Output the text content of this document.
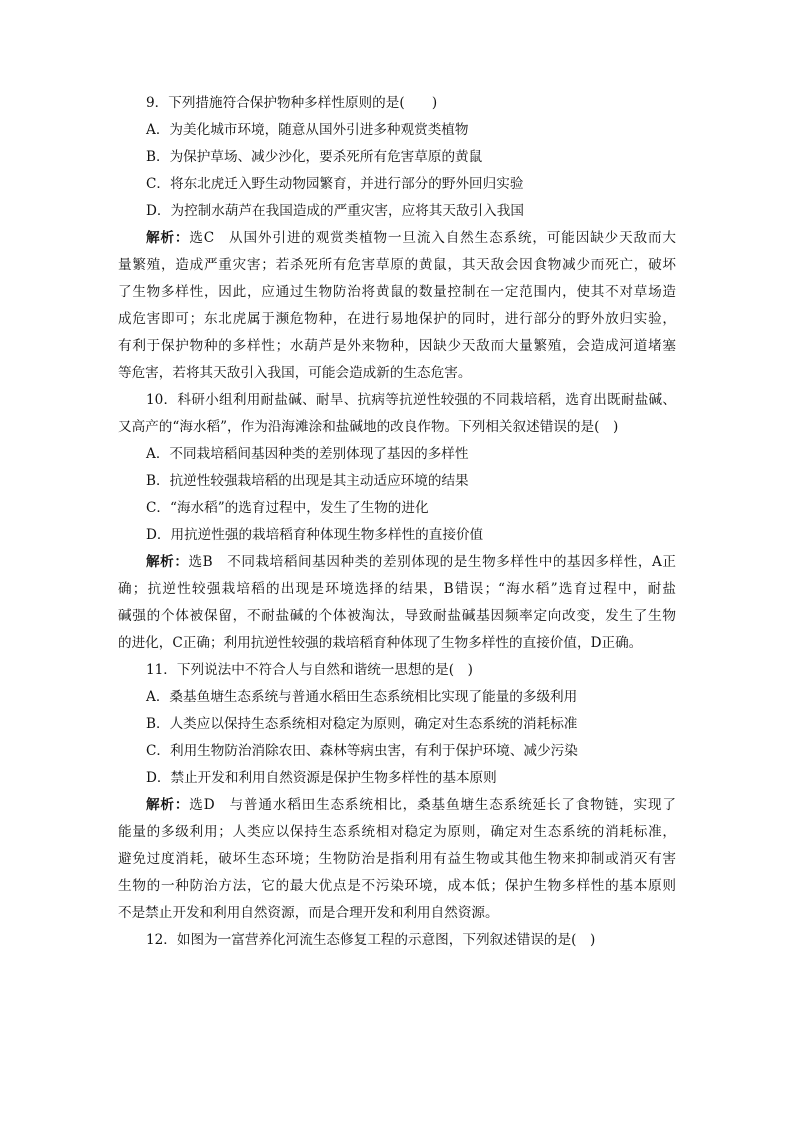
9．下列措施符合保护物种多样性原则的是(　　)

A．为美化城市环境，随意从国外引进多种观赏类植物

B．为保护草场、减少沙化，要杀死所有危害草原的黄鼠

C．将东北虎迁入野生动物园繁育，并进行部分的野外回归实验

D．为控制水葫芦在我国造成的严重灾害，应将其天敌引入我国

解析：选C 从国外引进的观赏类植物一旦流入自然生态系统，可能因缺少天敌而大

量繁殖，造成严重灾害；若杀死所有危害草原的黄鼠，其天敌会因食物减少而死亡，破坏

了生物多样性，因此，应通过生物防治将黄鼠的数量控制在一定范围内，使其不对草场造

成危害即可；东北虎属于濒危物种，在进行易地保护的同时，进行部分的野外放归实验，

有利于保护物种的多样性；水葫芦是外来物种，因缺少天敌而大量繁殖，会造成河道堵塞

等危害，若将其天敌引入我国，可能会造成新的生态危害。

10．科研小组利用耐盐碱、耐旱、抗病等抗逆性较强的不同栽培稻，选育出既耐盐碱、

又高产的“海水稻”，作为沿海滩涂和盐碱地的改良作物。下列相关叙述错误的是(　)

A．不同栽培稻间基因种类的差别体现了基因的多样性

B．抗逆性较强栽培稻的出现是其主动适应环境的结果

C．“海水稻”的选育过程中，发生了生物的进化

D．用抗逆性强的栽培稻育种体现生物多样性的直接价值

解析：选B 不同栽培稻间基因种类的差别体现的是生物多样性中的基因多样性，A正

确；抗逆性较强栽培稻的出现是环境选择的结果，B错误；“海水稻”选育过程中，耐盐

碱强的个体被保留，不耐盐碱的个体被淘汰，导致耐盐碱基因频率定向改变，发生了生物

的进化，C正确；利用抗逆性较强的栽培稻育种体现了生物多样性的直接价值，D正确。

11．下列说法中不符合人与自然和谐统一思想的是(　)

A．桑基鱼塘生态系统与普通水稻田生态系统相比实现了能量的多级利用

B．人类应以保持生态系统相对稳定为原则，确定对生态系统的消耗标准

C．利用生物防治消除农田、森林等病虫害，有利于保护环境、减少污染

D．禁止开发和利用自然资源是保护生物多样性的基本原则

解析：选D 与普通水稻田生态系统相比，桑基鱼塘生态系统延长了食物链，实现了

能量的多级利用；人类应以保持生态系统相对稳定为原则，确定对生态系统的消耗标准，

避免过度消耗，破坏生态环境；生物防治是指利用有益生物或其他生物来抑制或消灭有害

生物的一种防治方法，它的最大优点是不污染环境，成本低；保护生物多样性的基本原则

不是禁止开发和利用自然资源，而是合理开发和利用自然资源。

12．如图为一富营养化河流生态修复工程的示意图，下列叙述错误的是(　)
